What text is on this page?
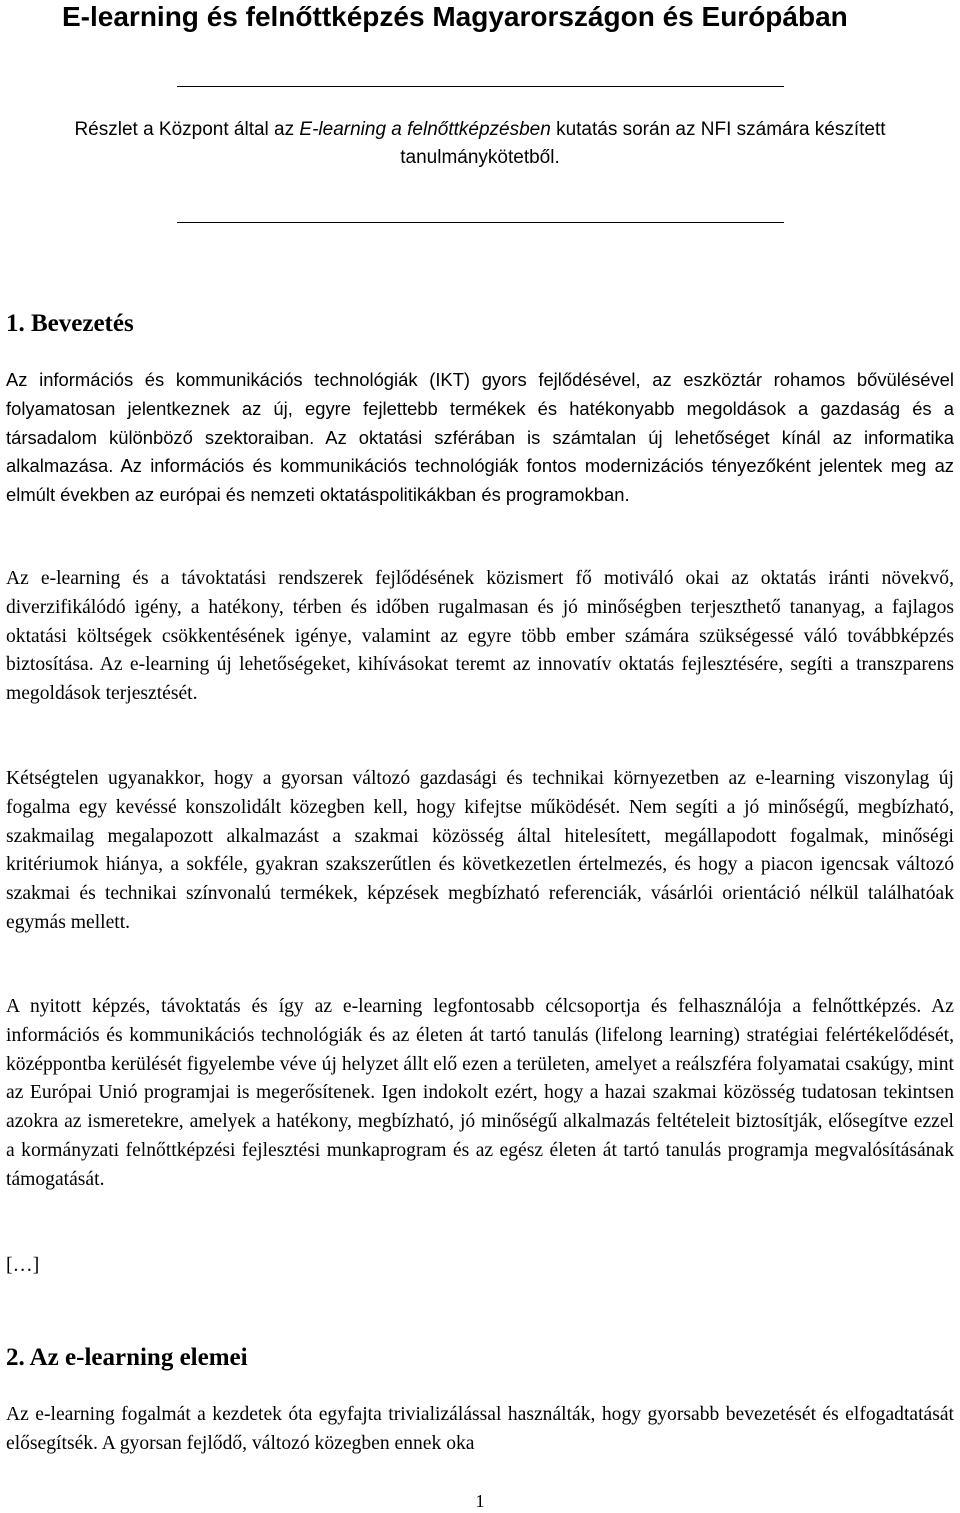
E-learning és felnőttképzés Magyarországon és Európában

Részlet a Központ által az E-learning a felnőttképzésben kutatás során az NFI számára készített tanulmánykötetből.

1. Bevezetés

Az információs és kommunikációs technológiák (IKT) gyors fejlődésével, az eszköztár rohamos bővülésével folyamatosan jelentkeznek az új, egyre fejlettebb termékek és hatékonyabb megoldások a gazdaság és a társadalom különböző szektoraiban. Az oktatási szférában is számtalan új lehetőséget kínál az informatika alkalmazása. Az információs és kommunikációs technológiák fontos modernizációs tényezőként jelentek meg az elmúlt években az európai és nemzeti oktatáspolitikákban és programokban.

Az e-learning és a távoktatási rendszerek fejlődésének közismert fő motiváló okai az oktatás iránti növekvő, diverzifikálódó igény, a hatékony, térben és időben rugalmasan és jó minőségben terjeszthető tananyag, a fajlagos oktatási költségek csökkentésének igénye, valamint az egyre több ember számára szükségessé váló továbbképzés biztosítása. Az e-learning új lehetőségeket, kihívásokat teremt az innovatív oktatás fejlesztésére, segíti a transzparens megoldások terjesztését.

Kétségtelen ugyanakkor, hogy a gyorsan változó gazdasági és technikai környezetben az e-learning viszonylag új fogalma egy kevéssé konszolidált közegben kell, hogy kifejtse működését. Nem segíti a jó minőségű, megbízható, szakmailag megalapozott alkalmazást a szakmai közösség által hitelesített, megállapodott fogalmak, minőségi kritériumok hiánya, a sokféle, gyakran szakszerűtlen és következetlen értelmezés, és hogy a piacon igencsak változó szakmai és technikai színvonalú termékek, képzések megbízható referenciák, vásárlói orientáció nélkül találhatóak egymás mellett.

A nyitott képzés, távoktatás és így az e-learning legfontosabb célcsoportja és felhasználója a felnőttképzés. Az információs és kommunikációs technológiák és az életen át tartó tanulás (lifelong learning) stratégiai felértékelődését, középpontba kerülését figyelembe véve új helyzet állt elő ezen a területen, amelyet a reálszféra folyamatai csakúgy, mint az Európai Unió programjai is megerősítenek. Igen indokolt ezért, hogy a hazai szakmai közösség tudatosan tekintsen azokra az ismeretekre, amelyek a hatékony, megbízható, jó minőségű alkalmazás feltételeit biztosítják, elősegítve ezzel a kormányzati felnőttképzési fejlesztési munkaprogram és az egész életen át tartó tanulás programja megvalósításának támogatását.

[…]

2. Az e-learning elemei

Az e-learning fogalmát a kezdetek óta egyfajta trivializálással használták, hogy gyorsabb bevezetését és elfogadtatását elősegítsék. A gyorsan fejlődő, változó közegben ennek oka

1
